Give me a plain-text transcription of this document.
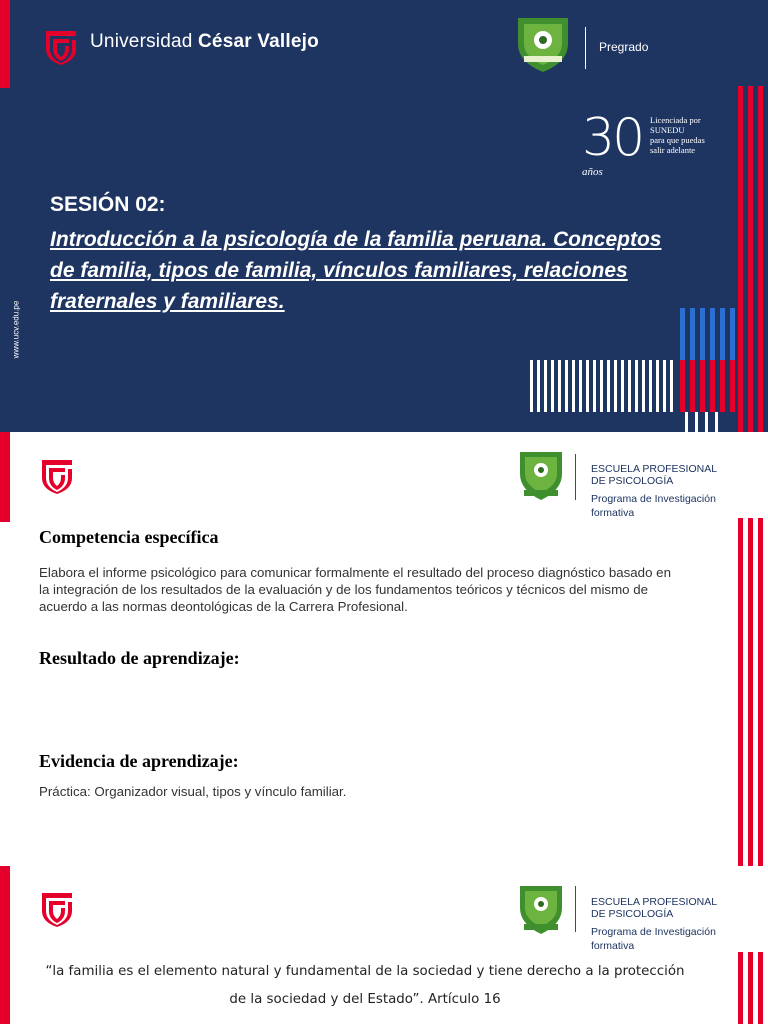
Universidad César Vallejo	Pregrado
30
años
Licenciada por
SUNEDU
para que puedas
salir adelante
SESIÓN 02:
Introducción a la psicología de la familia peruana. Conceptos de familia, tipos de familia, vínculos familiares, relaciones fraternales y familiares.
www.ucv.edu.pe
ESCUELA PROFESIONAL
DE PSICOLOGÍA
Programa de Investigación
formativa
Competencia específica
Elabora el informe psicológico para comunicar formalmente el resultado del proceso diagnóstico basado en la integración de los resultados de la evaluación y de los fundamentos teóricos y técnicos del mismo de acuerdo a las normas deontológicas de la Carrera Profesional.
Resultado de aprendizaje:
Evidencia de aprendizaje:
Práctica: Organizador visual, tipos y vínculo familiar.
ESCUELA PROFESIONAL
DE PSICOLOGÍA
Programa de Investigación
formativa
“la familia es el elemento natural y fundamental de la sociedad y tiene derecho a la protección de la sociedad y del Estado”. Artículo 16
